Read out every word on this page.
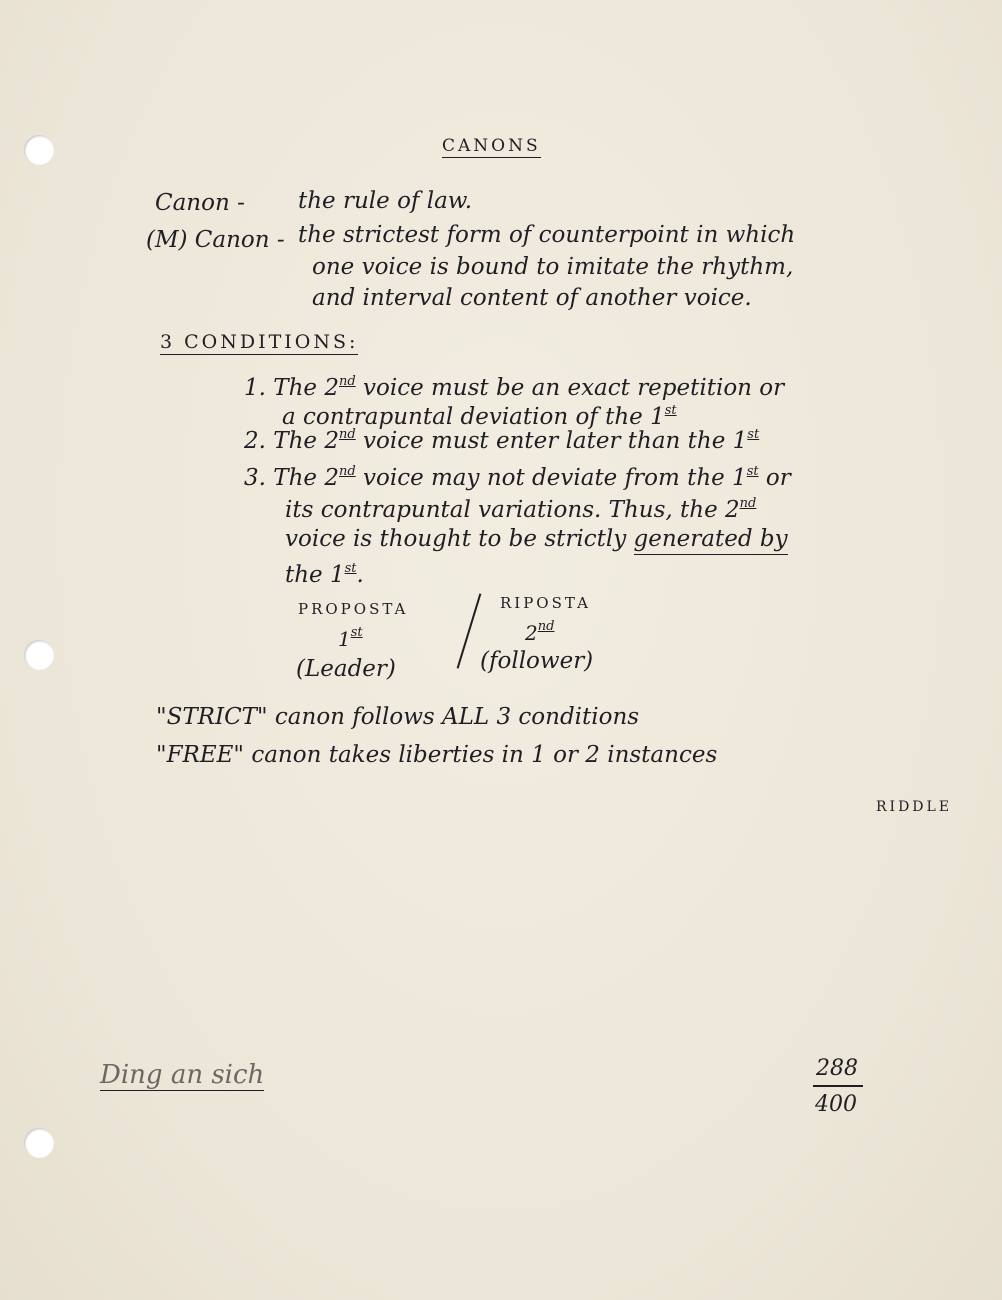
CANONS
Canon - the rule of law.
(M) Canon - the strictest form of counterpoint in which
one voice is bound to imitate the rhythm,
and interval content of another voice.
3 CONDITIONS:
1. The 2nd voice must be an exact repetition or
a contrapuntal deviation of the 1st
2. The 2nd voice must enter later than the 1st
3. The 2nd voice may not deviate from the 1st or
its contrapuntal variations. Thus, the 2nd
voice is thought to be strictly generated by
the 1st.
PROPOSTA
1st
(Leader)
RIPOSTA
2nd
(follower)
"STRICT" canon follows ALL 3 conditions
"FREE" canon takes liberties in 1 or 2 instances
RIDDLE
Ding an sich	288
400
